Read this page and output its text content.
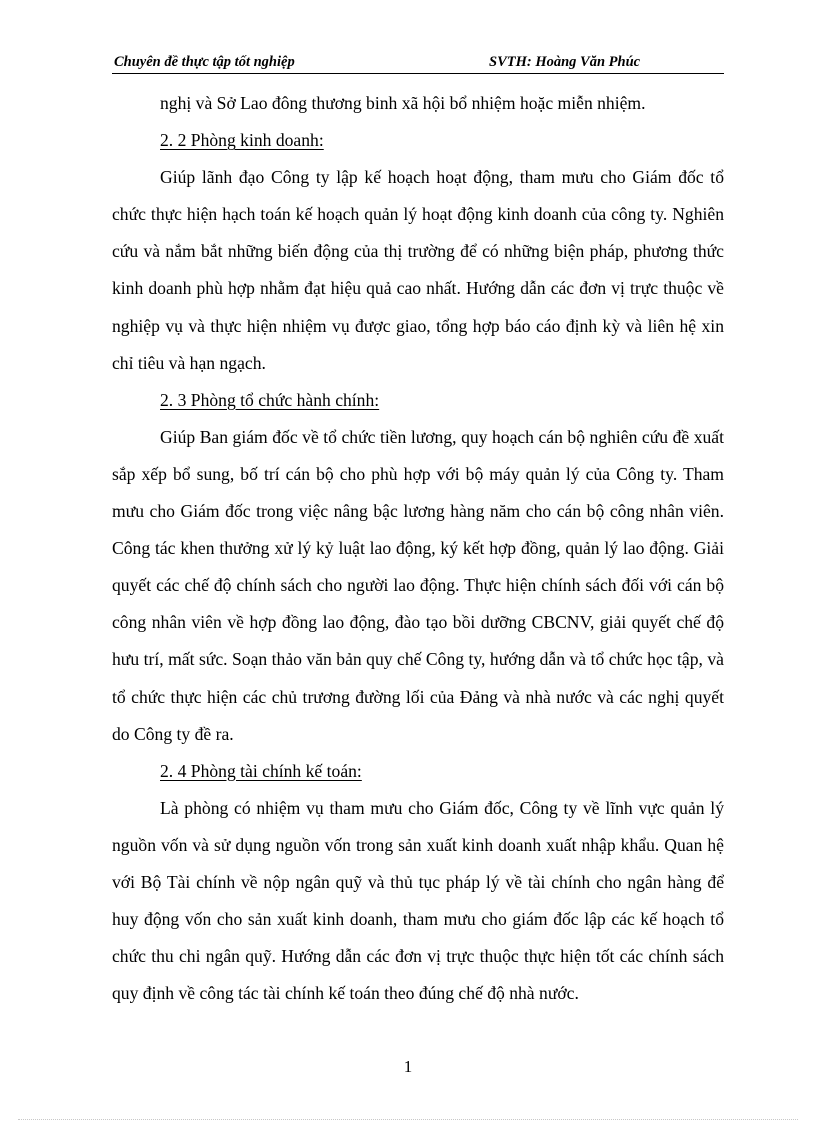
Chuyên đề thực tập tốt nghiệp	SVTH: Hoàng Văn Phúc

nghị và Sở Lao đông thương binh xã hội bổ nhiệm hoặc miễn nhiệm.

2. 2 Phòng kinh doanh:

Giúp lãnh đạo Công ty lập kế hoạch hoạt động, tham mưu cho Giám đốc tổ chức thực hiện hạch toán kế hoạch quản lý hoạt động kinh doanh của công ty. Nghiên cứu và nắm bắt những biến động của thị trường để có những biện pháp, phương thức kinh doanh phù hợp nhằm đạt hiệu quả cao nhất. Hướng dẫn các đơn vị trực thuộc về nghiệp vụ và thực hiện nhiệm vụ được giao, tổng hợp báo cáo định kỳ và liên hệ xin chỉ tiêu và hạn ngạch.

2. 3 Phòng tổ chức hành chính:

Giúp Ban giám đốc về tổ chức tiền lương, quy hoạch cán bộ nghiên cứu đề xuất sắp xếp bổ sung, bố trí cán bộ cho phù hợp với bộ máy quản lý của Công ty. Tham mưu cho Giám đốc trong việc nâng bậc lương hàng năm cho cán bộ công nhân viên. Công tác khen thưởng xử lý kỷ luật lao động, ký kết hợp đồng, quản lý lao động. Giải quyết các chế độ chính sách cho người lao động. Thực hiện chính sách đối với cán bộ công nhân viên về hợp đồng lao động, đào tạo bồi dưỡng CBCNV, giải quyết chế độ hưu trí, mất sức. Soạn thảo văn bản quy chế Công ty, hướng dẫn và tổ chức học tập, và tổ chức thực hiện các chủ trương đường lối của Đảng và nhà nước và các nghị quyết do Công ty đề ra.

2. 4 Phòng tài chính kế toán:

Là phòng có nhiệm vụ tham mưu cho Giám đốc, Công ty về lĩnh vực quản lý nguồn vốn và sử dụng nguồn vốn trong sản xuất kinh doanh xuất nhập khẩu. Quan hệ với Bộ Tài chính về nộp ngân quỹ và thủ tục pháp lý về tài chính cho ngân hàng để huy động vốn cho sản xuất kinh doanh, tham mưu cho giám đốc lập các kế hoạch tổ chức thu chi ngân quỹ. Hướng dẫn các đơn vị trực thuộc thực hiện tốt các chính sách quy định về công tác tài chính kế toán theo đúng chế độ nhà nước.

1
